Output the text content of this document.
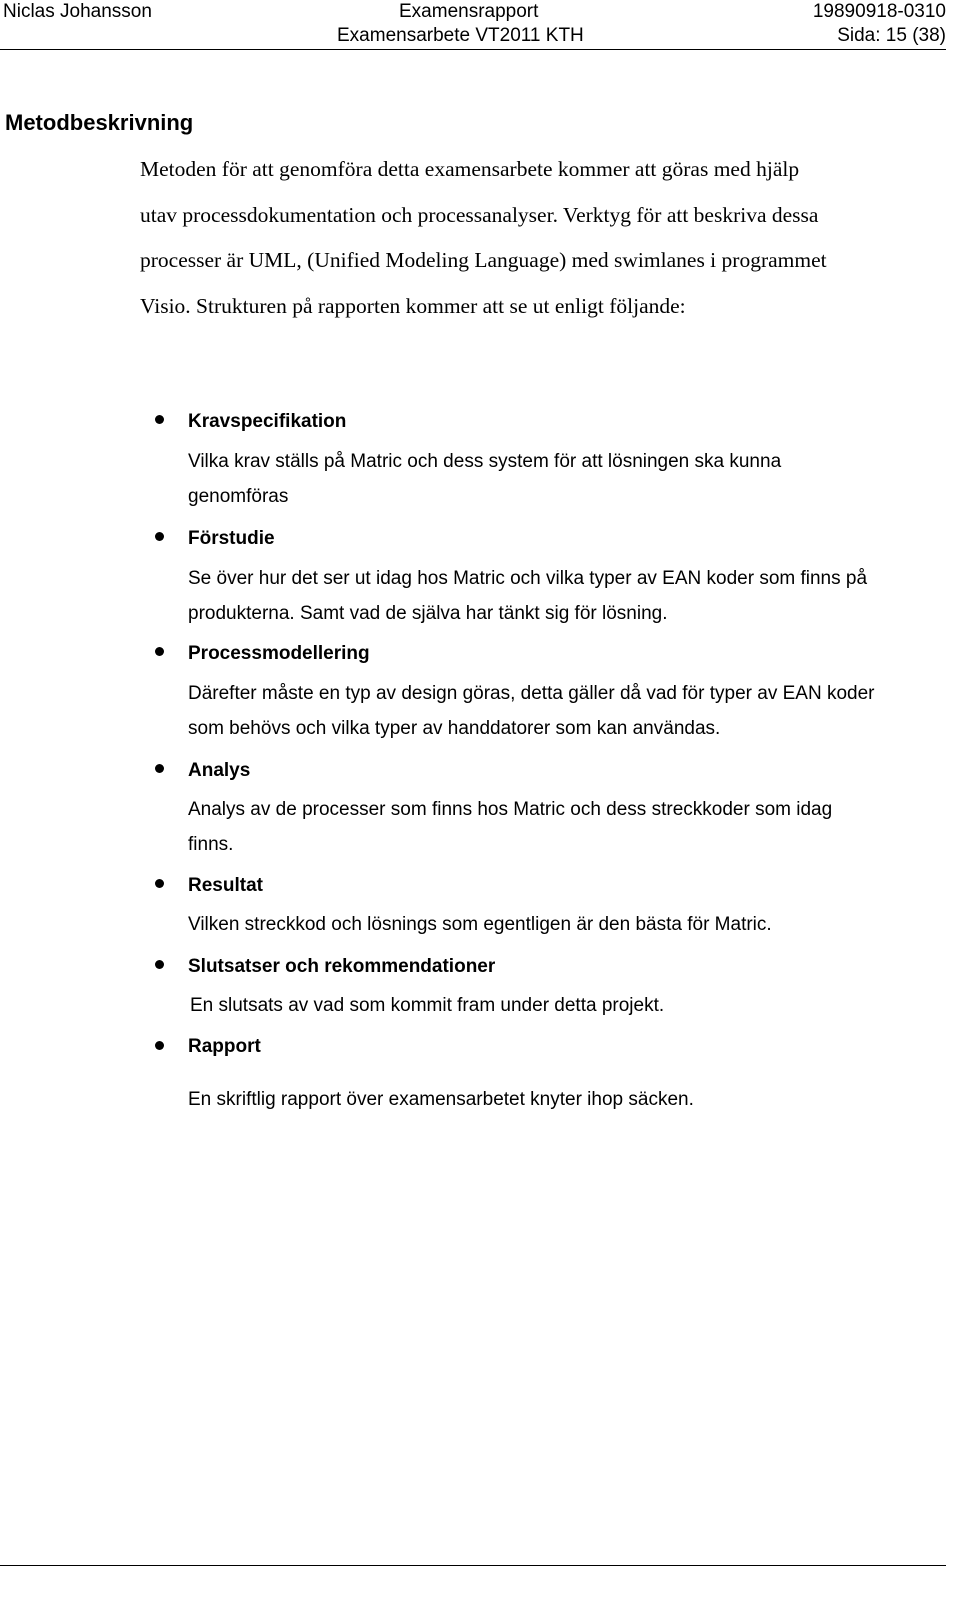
Niclas Johansson	Examensrapport	19890918-0310
Examensarbete VT2011 KTH	Sida: 15 (38)
Metodbeskrivning

Metoden för att genomföra detta examensarbete kommer att göras med hjälp
utav processdokumentation och processanalyser. Verktyg för att beskriva dessa
processer är UML, (Unified Modeling Language) med swimlanes i programmet
Visio. Strukturen på rapporten kommer att se ut enligt följande:

Kravspecifikation
Vilka krav ställs på Matric och dess system för att lösningen ska kunna
genomföras
Förstudie
Se över hur det ser ut idag hos Matric och vilka typer av EAN koder som finns på
produkterna. Samt vad de själva har tänkt sig för lösning.
Processmodellering
Därefter måste en typ av design göras, detta gäller då vad för typer av EAN koder
som behövs och vilka typer av handdatorer som kan användas.
Analys
Analys av de processer som finns hos Matric och dess streckkoder som idag
finns.
Resultat
Vilken streckkod och lösnings som egentligen är den bästa för Matric.
Slutsatser och rekommendationer
En slutsats av vad som kommit fram under detta projekt.
Rapport
En skriftlig rapport över examensarbetet knyter ihop säcken.
